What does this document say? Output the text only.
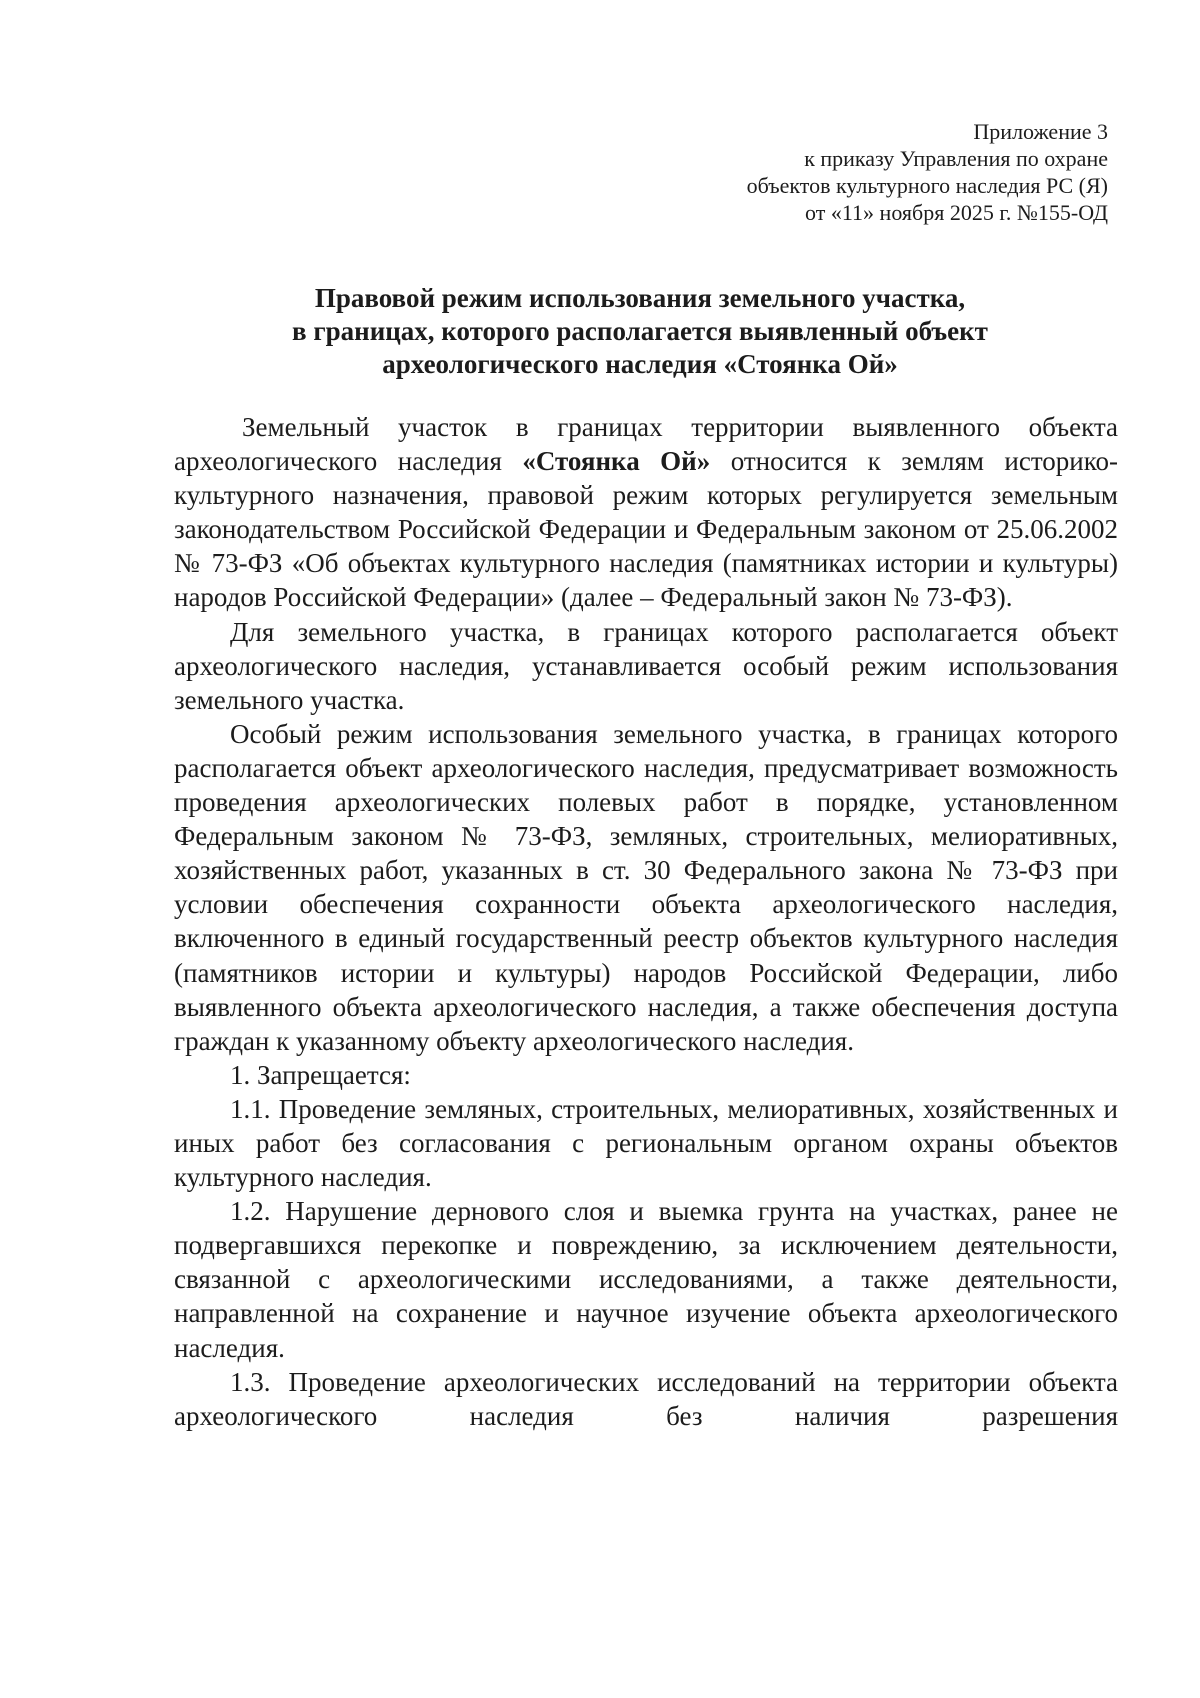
Приложение 3
к приказу Управления по охране
объектов культурного наследия РС (Я)
от «11» ноября 2025 г. №155-ОД
Правовой режим использования земельного участка,
в границах, которого располагается выявленный объект
археологического наследия «Стоянка Ой»

Земельный участок в границах территории выявленного объекта археологического наследия «Стоянка Ой» относится к землям историко-культурного назначения, правовой режим которых регулируется земельным законодательством Российской Федерации и Федеральным законом от 25.06.2002 № 73-ФЗ «Об объектах культурного наследия (памятниках истории и культуры) народов Российской Федерации» (далее – Федеральный закон № 73-ФЗ).

Для земельного участка, в границах которого располагается объект археологического наследия, устанавливается особый режим использования земельного участка.

Особый режим использования земельного участка, в границах которого располагается объект археологического наследия, предусматривает возможность проведения археологических полевых работ в порядке, установленном Федеральным законом № 73-ФЗ, земляных, строительных, мелиоративных, хозяйственных работ, указанных в ст. 30 Федерального закона № 73-ФЗ при условии обеспечения сохранности объекта археологического наследия, включенного в единый государственный реестр объектов культурного наследия (памятников истории и культуры) народов Российской Федерации, либо выявленного объекта археологического наследия, а также обеспечения доступа граждан к указанному объекту археологического наследия.

1. Запрещается:

1.1. Проведение земляных, строительных, мелиоративных, хозяйственных и иных работ без согласования с региональным органом охраны объектов культурного наследия.

1.2. Нарушение дернового слоя и выемка грунта на участках, ранее не подвергавшихся перекопке и повреждению, за исключением деятельности, связанной с археологическими исследованиями, а также деятельности, направленной на сохранение и научное изучение объекта археологического наследия.

1.3. Проведение археологических исследований на территории объекта археологического наследия без наличия разрешения
